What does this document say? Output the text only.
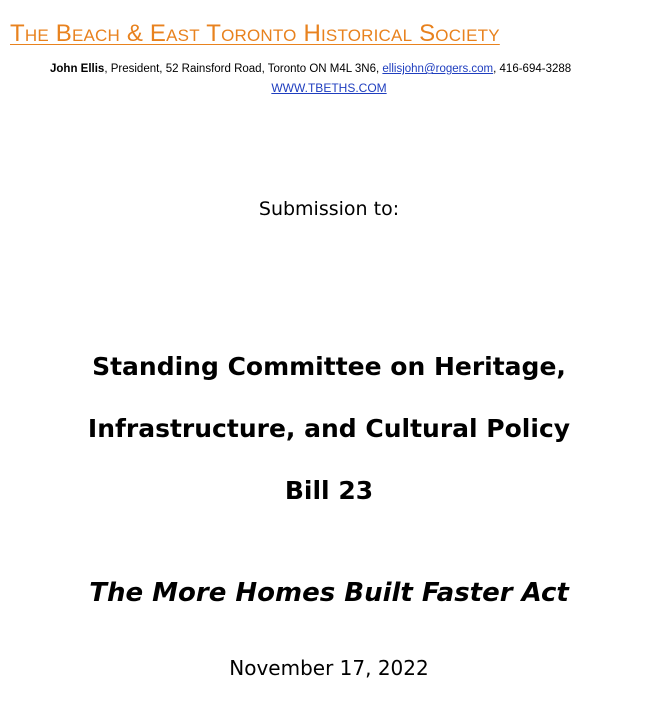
The Beach & East Toronto Historical Society
John Ellis, President, 52 Rainsford Road, Toronto ON M4L 3N6, ellisjohn@rogers.com, 416-694-3288
WWW.TBETHS.COM
Submission to:
Standing Committee on Heritage,
Infrastructure, and Cultural Policy
Bill 23
The More Homes Built Faster Act
November 17, 2022
